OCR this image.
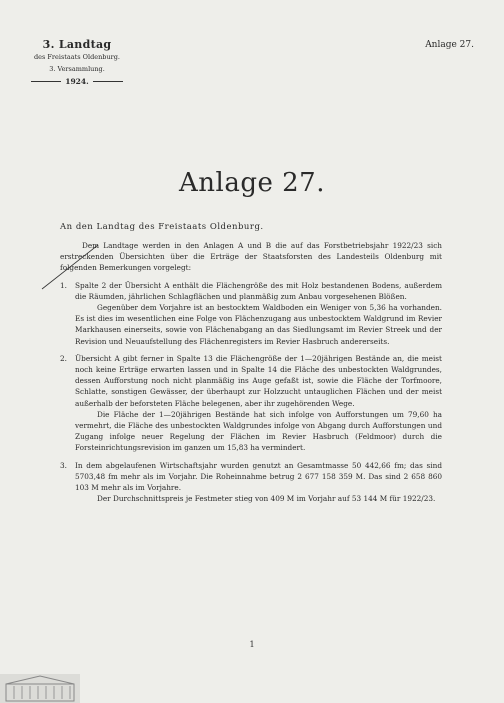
3. Landtag
des Freistaats Oldenburg.
3. Versammlung.
1924.
Anlage 27.
Anlage 27.
An den Landtag des Freistaats Oldenburg.

Dem Landtage werden in den Anlagen A und B die auf das Forstbetriebsjahr 1922/23 sich erstreckenden Übersichten über die Erträge der Staatsforsten des Landesteils Oldenburg mit folgenden Bemerkungen vorgelegt:

1.	Spalte 2 der Übersicht A enthält die Flächengröße des mit Holz bestandenen Bodens, außerdem die Räumden, jährlichen Schlagflächen und planmäßig zum Anbau vorgesehenen Blößen.

Gegenüber dem Vorjahre ist an bestocktem Waldboden ein Weniger von 5,36 ha vorhanden. Es ist dies im wesentlichen eine Folge von Flächenzugang aus unbestocktem Waldgrund im Revier Markhausen einerseits, sowie von Flächenabgang an das Siedlungsamt im Revier Streek und der Revision und Neuaufstellung des Flächenregisters im Revier Hasbruch andererseits.

2.	Übersicht A gibt ferner in Spalte 13 die Flächengröße der 1—20jährigen Bestände an, die meist noch keine Erträge erwarten lassen und in Spalte 14 die Fläche des unbestockten Waldgrundes, dessen Aufforstung noch nicht planmäßig ins Auge gefaßt ist, sowie die Fläche der Torfmoore, Schlatte, sonstigen Gewässer, der überhaupt zur Holzzucht untauglichen Flächen und der meist außerhalb der beforsteten Fläche belegenen, aber ihr zugehörenden Wege.

Die Fläche der 1—20jährigen Bestände hat sich infolge von Aufforstungen um 79,60 ha vermehrt, die Fläche des unbestockten Waldgrundes infolge von Abgang durch Aufforstungen und Zugang infolge neuer Regelung der Flächen im Revier Hasbruch (Feldmoor) durch die Forsteinrichtungsrevision im ganzen um 15,83 ha vermindert.

3.	In dem abgelaufenen Wirtschaftsjahr wurden genutzt an Gesamtmasse 50 442,66 fm; das sind 5703,48 fm mehr als im Vorjahr. Die Roheinnahme betrug 2 677 158 359 M. Das sind 2 658 860 103 M mehr als im Vorjahre.

Der Durchschnittspreis je Festmeter stieg von 409 M im Vorjahr auf 53 144 M für 1922/23.

1
